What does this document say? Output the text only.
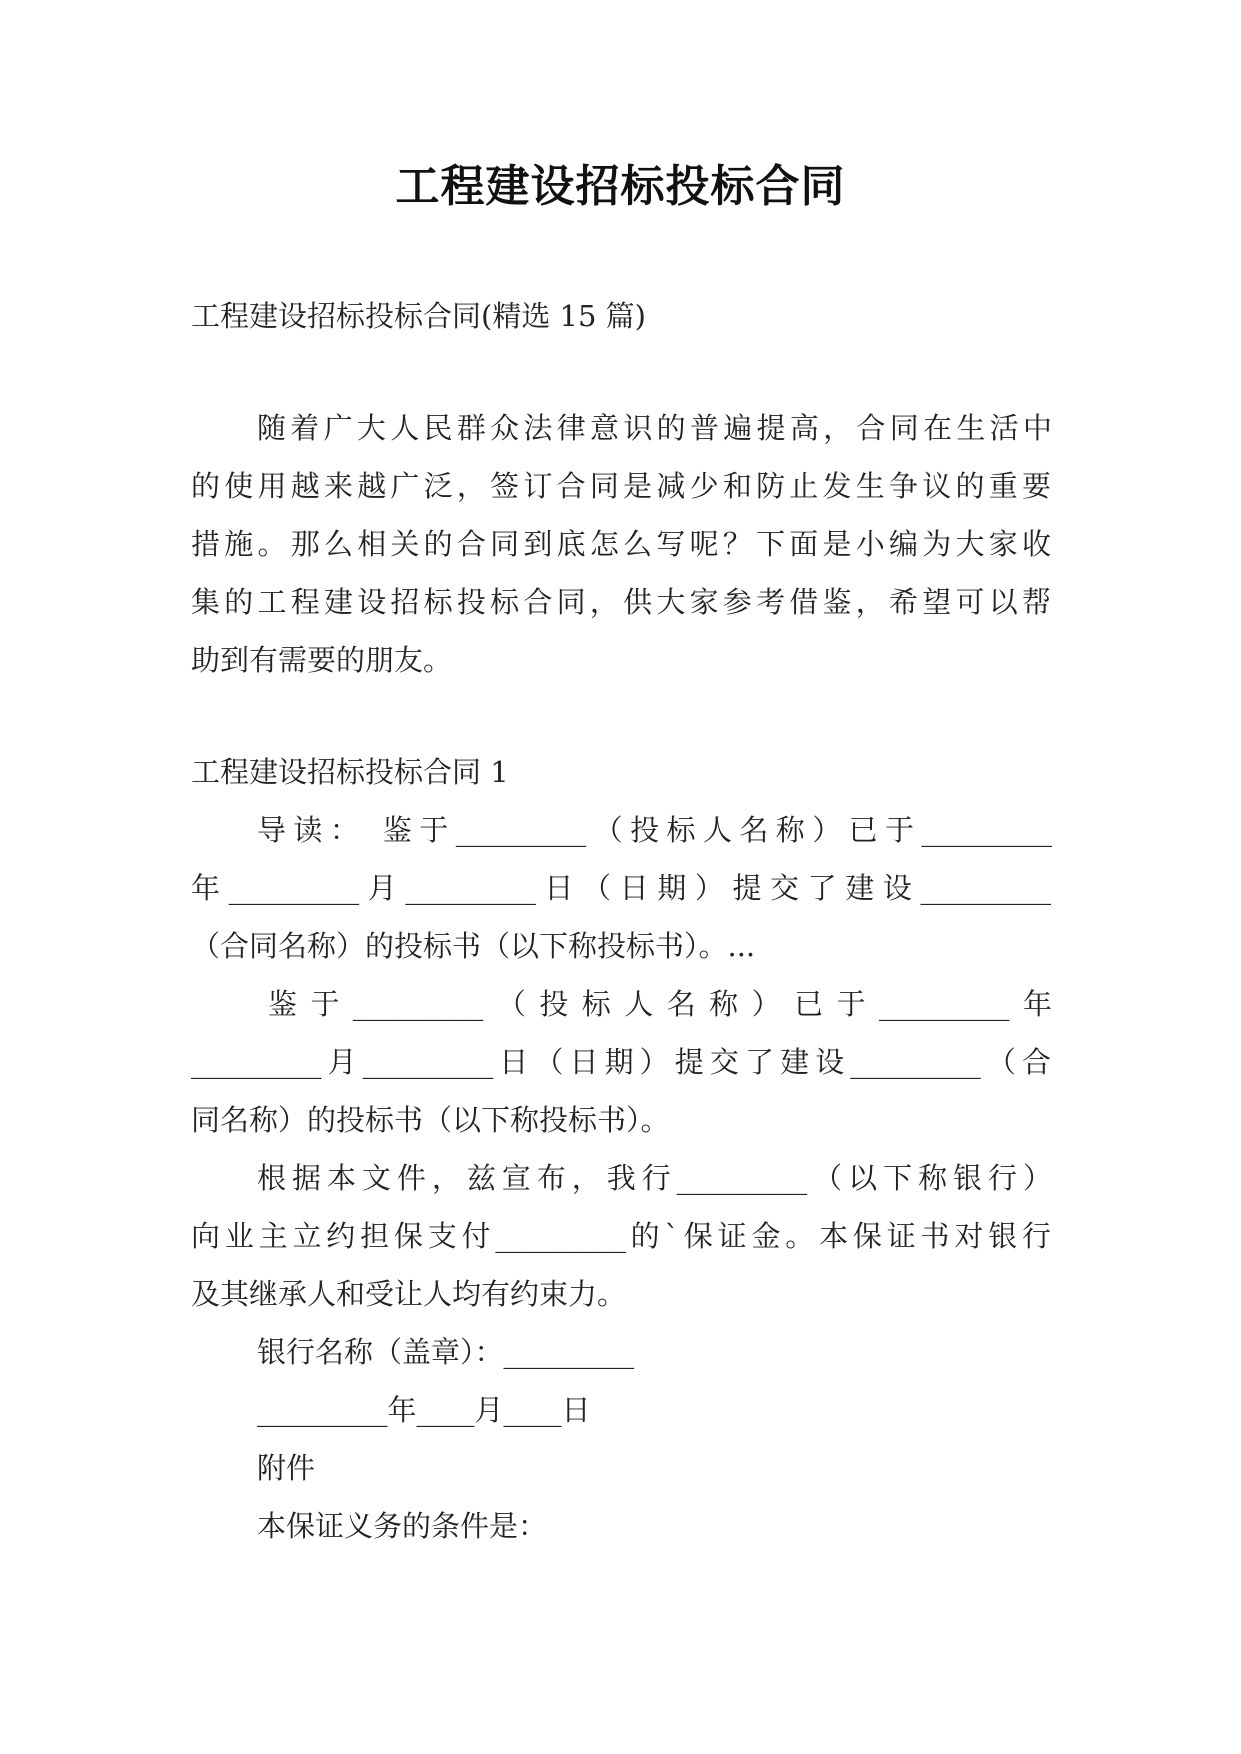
工程建设招标投标合同
工程建设招标投标合同(精选 15 篇)
随着广大人民群众法律意识的普遍提高，合同在生活中
的使用越来越广泛，签订合同是减少和防止发生争议的重要
措施。那么相关的合同到底怎么写呢？下面是小编为大家收
集的工程建设招标投标合同，供大家参考借鉴，希望可以帮
助到有需要的朋友。
工程建设招标投标合同 1
导读： 鉴于_________（投标人名称）已于_________
年_________月_________日（日期）提交了建设_________
（合同名称）的投标书（以下称投标书）。...
鉴于_________（投标人名称）已于_________年
_________月_________日（日期）提交了建设_________（合
同名称）的投标书（以下称投标书）。
根据本文件，兹宣布，我行_________（以下称银行）
向业主立约担保支付_________的`保证金。本保证书对银行
及其继承人和受让人均有约束力。
银行名称（盖章）：_________
_________年____月____日
附件
本保证义务的条件是：
